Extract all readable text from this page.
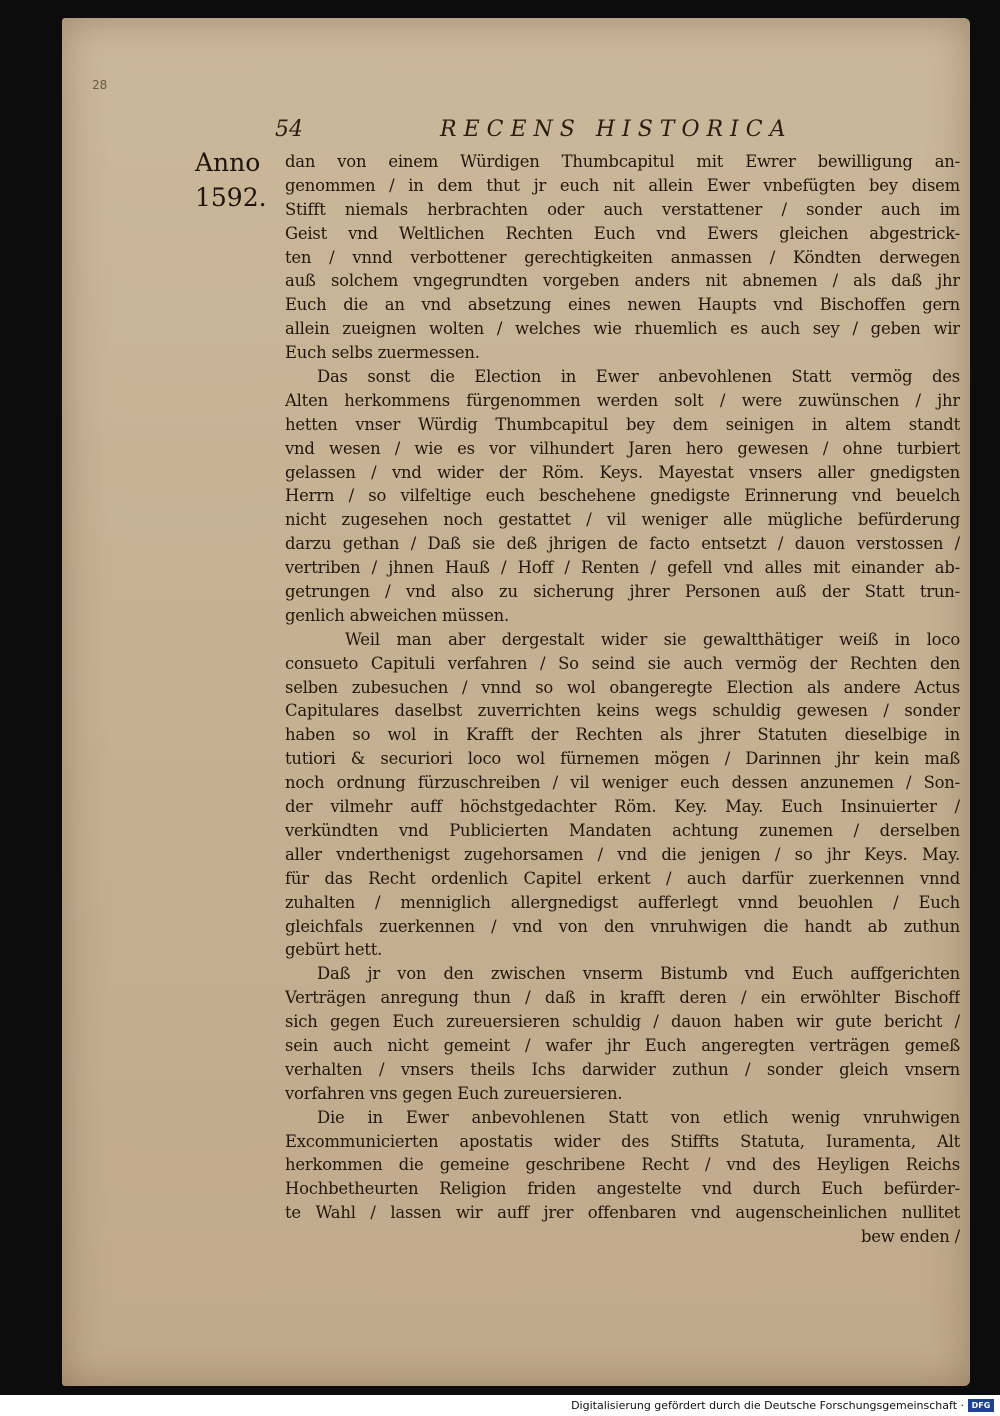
28
54	RECENS HISTORICA
Anno
1592.
dan von einem Würdigen Thumbcapitul mit Ewrer bewilligung an-
genommen / in dem thut jr euch nit allein Ewer vnbefügten bey disem
Stifft niemals herbrachten oder auch verstattener / sonder auch im
Geist vnd Weltlichen Rechten Euch vnd Ewers gleichen abgestrick-
ten / vnnd verbottener gerechtigkeiten anmassen / Köndten derwegen
auß solchem vngegrundten vorgeben anders nit abnemen / als daß jhr
Euch die an vnd absetzung eines newen Haupts vnd Bischoffen gern
allein zueignen wolten / welches wie rhuemlich es auch sey / geben wir
Euch selbs zuermessen.
Das sonst die Election in Ewer anbevohlenen Statt vermög des
Alten herkommens fürgenommen werden solt / were zuwünschen / jhr
hetten vnser Würdig Thumbcapitul bey dem seinigen in altem standt
vnd wesen / wie es vor vilhundert Jaren hero gewesen / ohne turbiert
gelassen / vnd wider der Röm. Keys. Mayestat vnsers aller gnedigsten
Herrn / so vilfeltige euch beschehene gnedigste Erinnerung vnd beuelch
nicht zugesehen noch gestattet / vil weniger alle mügliche befürderung
darzu gethan / Daß sie deß jhrigen de facto entsetzt / dauon verstossen /
vertriben / jhnen Hauß / Hoff / Renten / gefell vnd alles mit einander ab-
getrungen / vnd also zu sicherung jhrer Personen auß der Statt trun-
genlich abweichen müssen.
Weil man aber dergestalt wider sie gewaltthätiger weiß in loco
consueto Capituli verfahren / So seind sie auch vermög der Rechten den
selben zubesuchen / vnnd so wol obangeregte Election als andere Actus
Capitulares daselbst zuverrichten keins wegs schuldig gewesen / sonder
haben so wol in Krafft der Rechten als jhrer Statuten dieselbige in
tutiori & securiori loco wol fürnemen mögen / Darinnen jhr kein maß
noch ordnung fürzuschreiben / vil weniger euch dessen anzunemen / Son-
der vilmehr auff höchstgedachter Röm. Key. May. Euch Insinuierter /
verkündten vnd Publicierten Mandaten achtung zunemen / derselben
aller vnderthenigst zugehorsamen / vnd die jenigen / so jhr Keys. May.
für das Recht ordenlich Capitel erkent / auch darfür zuerkennen vnnd
zuhalten / menniglich allergnedigst aufferlegt vnnd beuohlen / Euch
gleichfals zuerkennen / vnd von den vnruhwigen die handt ab zuthun
gebürt hett.
Daß jr von den zwischen vnserm Bistumb vnd Euch auffgerichten
Verträgen anregung thun / daß in krafft deren / ein erwöhlter Bischoff
sich gegen Euch zureuersieren schuldig / dauon haben wir gute bericht /
sein auch nicht gemeint / wafer jhr Euch angeregten verträgen gemeß
verhalten / vnsers theils Ichs darwider zuthun / sonder gleich vnsern
vorfahren vns gegen Euch zureuersieren.
Die in Ewer anbevohlenen Statt von etlich wenig vnruhwigen
Excommunicierten apostatis wider des Stiffts Statuta, Iuramenta, Alt
herkommen die gemeine geschribene Recht / vnd des Heyligen Reichs
Hochbetheurten Religion friden angestelte vnd durch Euch befürder-
te Wahl / lassen wir auff jrer offenbaren vnd augenscheinlichen nullitet
bew enden /
Digitalisierung gefördert durch die Deutsche Forschungsgemeinschaft · DFG
